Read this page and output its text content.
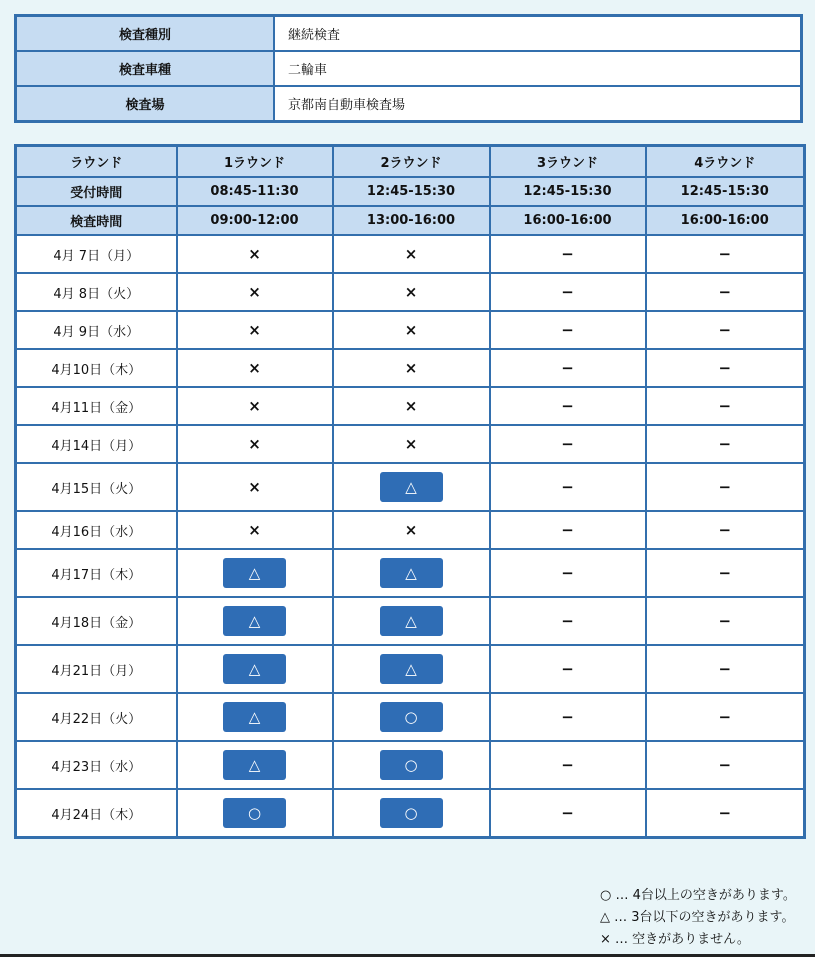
検査種別	継続検査
検査車種	二輪車
検査場	京都南自動車検査場
ラウンド	1ラウンド	2ラウンド	3ラウンド	4ラウンド
受付時間	08:45-11:30	12:45-15:30	12:45-15:30	12:45-15:30
検査時間	09:00-12:00	13:00-16:00	16:00-16:00	16:00-16:00
4月 7日（月）	×	×	−	−
4月 8日（火）	×	×	−	−
4月 9日（水）	×	×	−	−
4月10日（木）	×	×	−	−
4月11日（金）	×	×	−	−
4月14日（月）	×	×	−	−
4月15日（火）	×	△	−	−
4月16日（水）	×	×	−	−
4月17日（木）	△	△	−	−
4月18日（金）	△	△	−	−
4月21日（月）	△	△	−	−
4月22日（火）	△	○	−	−
4月23日（水）	△	○	−	−
4月24日（木）	○	○	−	−
○ … 4台以上の空きがあります。
△ … 3台以下の空きがあります。
× … 空きがありません。
